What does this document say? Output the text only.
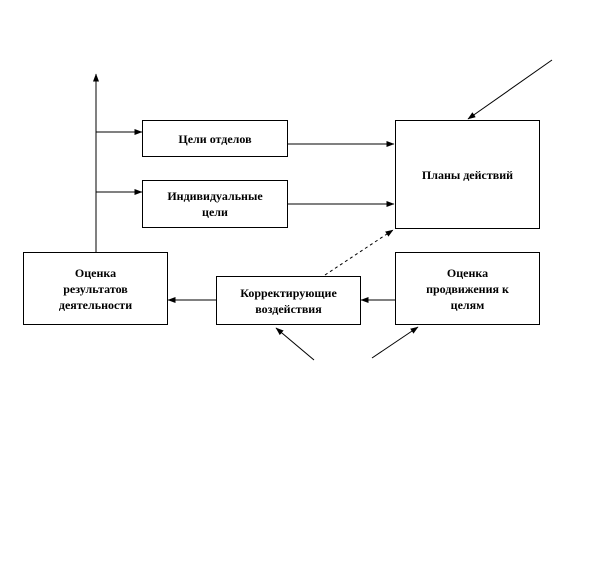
Цели отделов
Индивидуальные
цели
Планы действий
Оценка
результатов
деятельности
Корректирующие
воздействия
Оценка
продвижения к
целям
